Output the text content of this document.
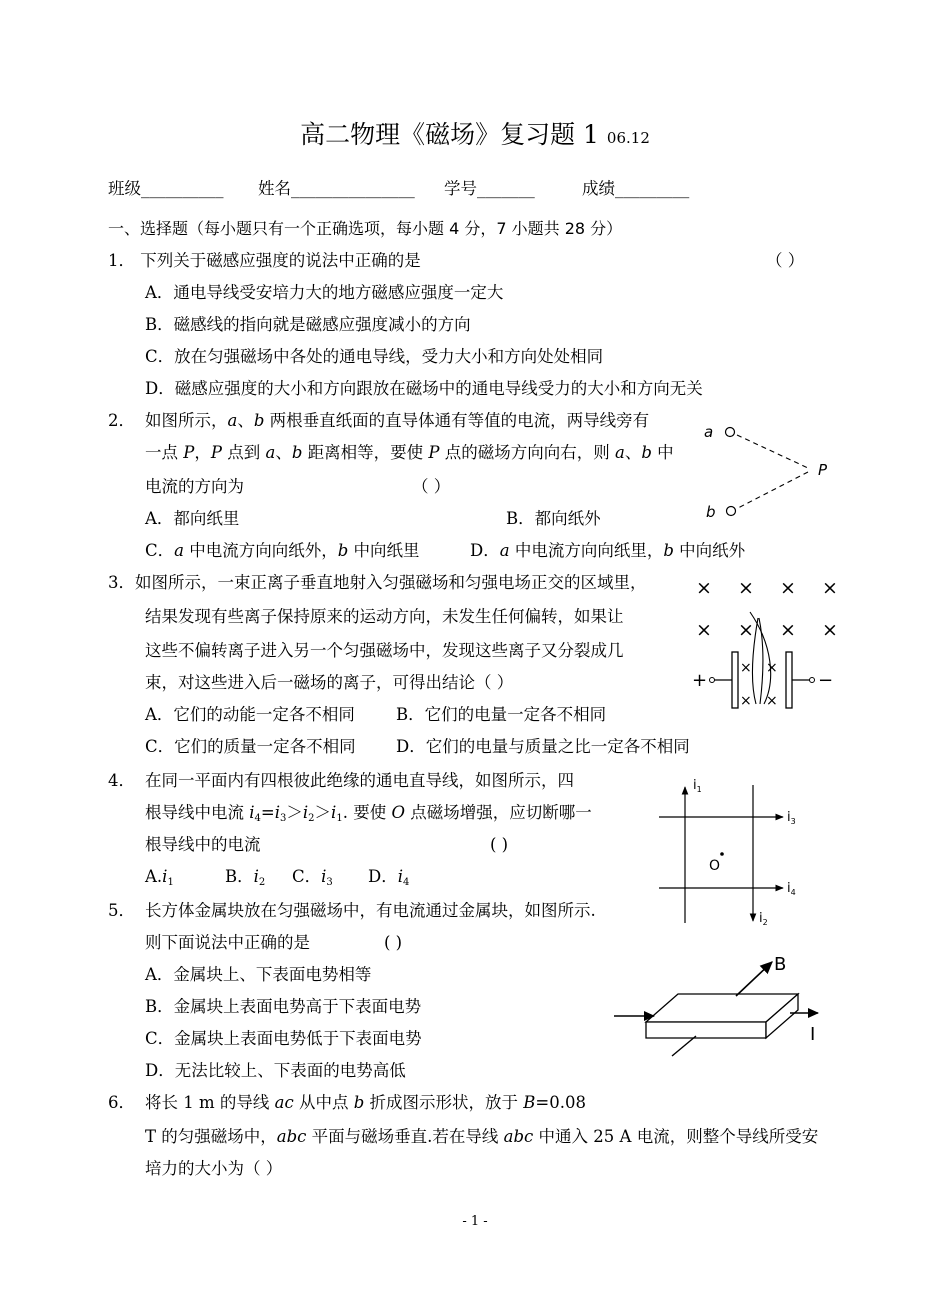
高二物理《磁场》复习题 1 06.12
班级__________ 姓名_______________ 学号_______	成绩_________
一、选择题（每小题只有一个正确选项，每小题 4 分，7 小题共 28 分）
1． 下列关于磁感应强度的说法中正确的是	（ ）
A．通电导线受安培力大的地方磁感应强度一定大
B．磁感线的指向就是磁感应强度减小的方向
C．放在匀强磁场中各处的通电导线，受力大小和方向处处相同
D．磁感应强度的大小和方向跟放在磁场中的通电导线受力的大小和方向无关
2． 如图所示，a、b 两根垂直纸面的直导体通有等值的电流，两导线旁有
一点 P，P 点到 a、b 距离相等，要使 P 点的磁场方向向右，则 a、b 中
电流的方向为	（ ）
A．都向纸里	B．都向纸外
C．a 中电流方向向纸外，b 中向纸里	D．a 中电流方向向纸里，b 中向纸外
a
P
b
3．如图所示，一束正离子垂直地射入匀强磁场和匀强电场正交的区域里，
结果发现有些离子保持原来的运动方向，未发生任何偏转，如果让
这些不偏转离子进入另一个匀强磁场中，发现这些离子又分裂成几
束，对这些进入后一磁场的离子，可得出结论（ ）
A．它们的动能一定各不相同 B．它们的电量一定各不相同
C．它们的质量一定各不相同 D．它们的电量与质量之比一定各不相同
× × × ×
× × × ×
× ×
× ×
+	−
4． 在同一平面内有四根彼此绝缘的通电直导线，如图所示，四
根导线中电流 $i_4=i_3>i_2>i_1$. 要使 O 点磁场增强，应切断哪一
根导线中的电流	( )
$A.i_1$	B．$i_2$ C．$i_3$ D．$i_4$
$i_1$
$i_2$
$i_3$
$i_4$
O
5． 长方体金属块放在匀强磁场中，有电流通过金属块，如图所示.
则下面说法中正确的是	( )
A．金属块上、下表面电势相等
B．金属块上表面电势高于下表面电势
C．金属块上表面电势低于下表面电势
D．无法比较上、下表面的电势高低
I
B
6． 将长 1 m 的导线 ac 从中点 b 折成图示形状，放于 B=0.08
T 的匀强磁场中，abc 平面与磁场垂直.若在导线 abc 中通入 25 A 电流，则整个导线所受安
培力的大小为（ ）
- 1 -
